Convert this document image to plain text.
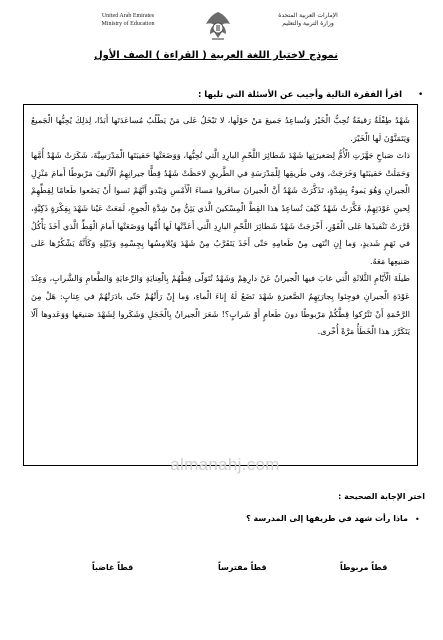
United Arab Emirates
Ministry of Education
الإمارات العربية المتحدة
وزارة التربية والتعليم
نموذج لاختبار اللغة العربية ( القراءة ) الصف الأول
•
اقرأ الفقرة التالية وأجيب عن الأسئلة التي تليها :

شَهْدُ طِفْلَةٌ رَقيقَةٌ تُحِبُّ الْخَيْرَ وَتُساعِدُ جَميعَ مَنْ حَوْلَها، لا تَبْخَلُ عَلى مَنْ يَطْلُبُ مُساعَدَتَها أَبَدًا، لِذلِكَ يُحِبُّها الْجَميعُ وَيَتَمَنَّوْنَ لَها الْخَيْرَ.

ذاتَ صَباحٍ جَهَّزَتِ الْأُمُّ لِصَغيرَتِها شَهْدَ شَطائِرَ اللَّحْمِ البارِدِ الَّتي تُحِبُّها، وَوَضَعَتْها حَقيبَتَها الْمَدْرَسِيَّةَ، شَكَرَتْ شَهْدُ أُمَّها وَحَمَلَتْ حَقيبَتَها وَخَرَجَتْ، وَفي طَريقِها لِلْمَدْرَسَةِ في الطَّريقِ لاحَظَتْ شَهْدُ قِطًّا جيرانِهِمُ الْأَليفَ مَرْبوطًا أَمامَ مَنْزِلِ الْجيرانِ وَهُوَ يَموءُ بِشِدَّةٍ، تَذَكَّرَتْ شَهْدُ أَنَّ الْجيرانَ سافَروا مَساءَ الْأَمْسِ وَيَبْدو أَنَّهُمْ نَسوا أَنْ يَضَعوا طَعامًا لِقِطِّهِمْ لِحينِ عَوْدَتِهِمْ، فَكَّرَتْ شَهْدُ كَيْفَ تُساعِدُ هذا القِطَّ الْمِسْكينَ الَّذي يَئِنُّ مِنْ شِدَّةِ الْجوعِ، لَمَعَتْ عَيْنا شَهْدَ بِفِكْرَةٍ ذَكِيَّةٍ، قَرَّرَتْ تَنْفيذَها عَلى الْفَوْرِ، أَخْرَجَتْ شَهْدُ شَطائِرَ اللَّحْمِ البارِدِ الَّتي أَعَدَّتْها لَها أُمُّها وَوَضَعَتْها أَمامَ الْقِطِّ الَّذي أَخَذَ يَأْكُلُ في نَهَمٍ شَديدٍ، وَما إِنِ انْتَهى مِنْ طَعامِهِ حَتّى أَخَذَ يَتَقَرَّبُ مِنْ شَهْدَ وَيُلامِسُها بِجِسْمِهِ وَذَيْلِهِ وَكَأَنَّهُ يَشْكُرُها عَلى صَنيعِها مَعَهُ.

طيلَةَ الْأَيّامِ الثَّلاثَةِ الَّتي غابَ فيها الْجيرانُ عَنْ دارِهِمْ وَشَهْدُ تُتَوَلّى قِطَّهُمْ بِالْعِنايَةِ وَالرِّعايَةِ وَالطَّعامِ وَالشَّرابِ، وَعِنْدَ عَوْدَةِ الْجيرانِ فوجِئوا بِجارَتِهِمُ الصَّغيرَةِ شَهْدَ تَضَعُ لَهُ إِناءَ الْماءِ، وَما إِنْ رَأَتْهُمْ حَتّى بادَرَتْهُمْ في عِتابٍ: هَلْ مِنَ الرَّحْمَةِ أَنْ تَتْرُكوا قِطَّكُمْ مَرْبوطًا دونَ طَعامٍ أَوْ شَرابٍ؟! شَعَرَ الْجيرانُ بِالْخَجَلِ وَشَكَروا لِشَهْدَ صَنيعَها وَوَعَدوها أَلّا يَتَكَرَّرَ هذا الْخَطَأُ مَرَّةً أُخْرى.

almanahj.com
اختر الإجابة الصحيحة :
•
ماذا رأت شهد في طريقها إلى المدرسة ؟
قطاً مربوطاً
قطاً مفترساً
قطاً غاضباً
